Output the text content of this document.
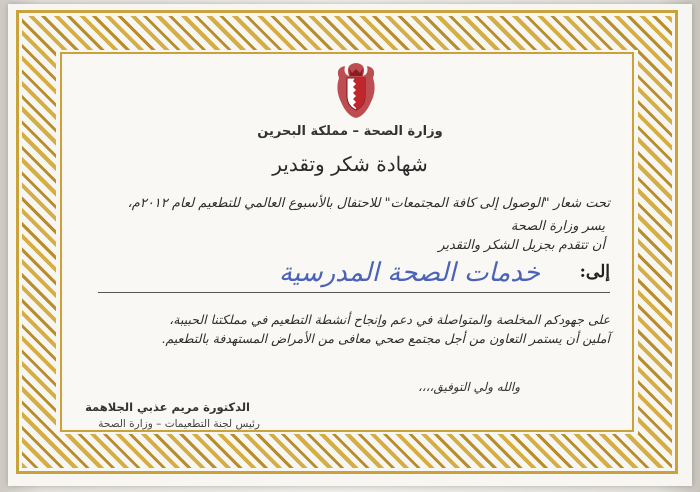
وزارة الصحة – مملكة البحرين
شهادة شكر وتقدير
تحت شعار "الوصول إلى كافة المجتمعات" للاحتفال بالأسبوع العالمي للتطعيم لعام ٢٠١٢م،
يسر وزارة الصحة
أن تتقدم بجزيل الشكر والتقدير
إلى:
خدمات الصحة المدرسية
على جهودكم المخلصة والمتواصلة في دعم وإنجاح أنشطة التطعيم في مملكتنا الحبيبة،
آملين أن يستمر التعاون من أجل مجتمع صحي معافى من الأمراض المستهدفة بالتطعيم.
والله ولي التوفيق،،،،
الدكتورة مريم عذبي الجلاهمة
رئيس لجنة التطعيمات – وزارة الصحة
